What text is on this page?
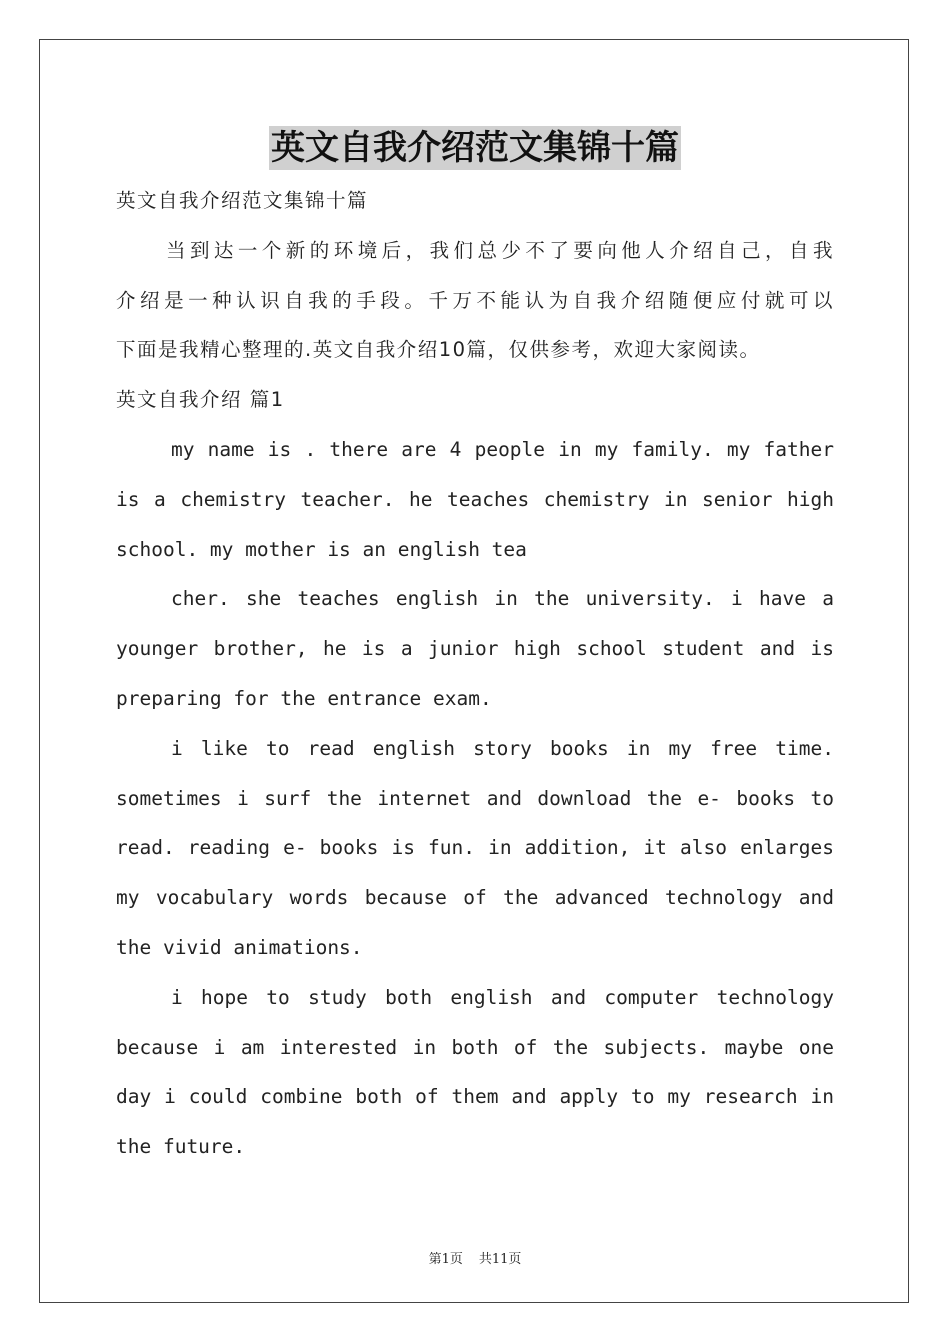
英文自我介绍范文集锦十篇
英文自我介绍范文集锦十篇
当到达一个新的环境后，我们总少不了要向他人介绍自己，自我
介绍是一种认识自我的手段。千万不能认为自我介绍随便应付就可以
下面是我精心整理的.英文自我介绍10篇，仅供参考，欢迎大家阅读。
英文自我介绍 篇1
my name is . there are 4 people in my family. my father
is a chemistry teacher. he teaches chemistry in senior high
school. my mother is an english tea
cher. she teaches english in the university. i have a
younger brother, he is a junior high school student and is
preparing for the entrance exam.
i like to read english story books in my free time.
sometimes i surf the internet and download the e- books to
read. reading e- books is fun. in addition, it also enlarges
my vocabulary words because of the advanced technology and
the vivid animations.
i hope to study both english and computer technology
because i am interested in both of the subjects. maybe one
day i could combine both of them and apply to my research in
the future.
第1页 共11页
